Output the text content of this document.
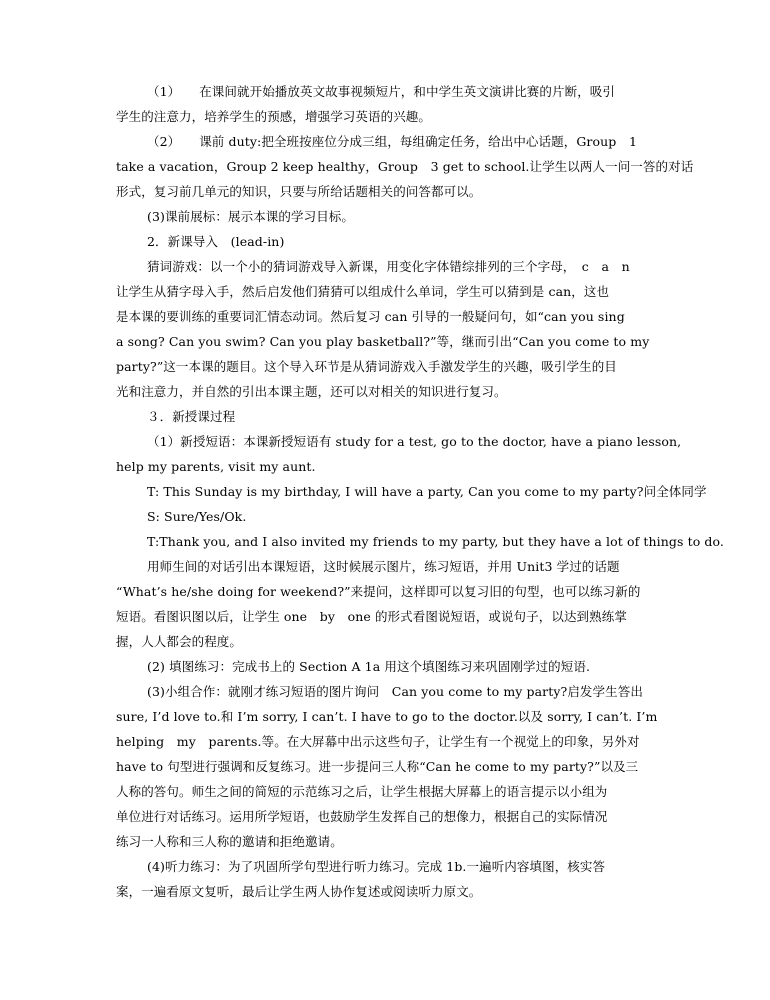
（1）　　在课间就开始播放英文故事视频短片，和中学生英文演讲比赛的片断，吸引
学生的注意力，培养学生的预感，增强学习英语的兴趣。
（2）　　课前 duty:把全班按座位分成三组，每组确定任务，给出中心话题，Group　1
take a vacation，Group 2 keep healthy，Group　3 get to school.让学生以两人一问一答的对话
形式，复习前几单元的知识，只要与所给话题相关的问答都可以。
(3)课前展标：展示本课的学习目标。
2．新课导入　(lead-in)
猜词游戏：以一个小的猜词游戏导入新课，用变化字体错综排列的三个字母，　c　a　n
让学生从猜字母入手，然后启发他们猜猜可以组成什么单词，学生可以猜到是 can，这也
是本课的要训练的重要词汇情态动词。然后复习 can 引导的一般疑问句，如“can you sing
a song? Can you swim? Can you play basketball?”等，继而引出“Can you come to my
party?”这一本课的题目。这个导入环节是从猜词游戏入手激发学生的兴趣，吸引学生的目
光和注意力，并自然的引出本课主题，还可以对相关的知识进行复习。
３．新授课过程
（1）新授短语：本课新授短语有 study for a test, go to the doctor, have a piano lesson,
help my parents, visit my aunt.
T: This Sunday is my birthday, I will have a party, Can you come to my party?问全体同学
S: Sure/Yes/Ok.
T:Thank you, and I also invited my friends to my party, but they have a lot of things to do.
用师生间的对话引出本课短语，这时候展示图片，练习短语，并用 Unit3 学过的话题
“What’s he/she doing for weekend?”来提问，这样即可以复习旧的句型，也可以练习新的
短语。看图识图以后，让学生 one　by　one 的形式看图说短语，或说句子，以达到熟练掌
握，人人都会的程度。
(2) 填图练习：完成书上的 Section A 1a 用这个填图练习来巩固刚学过的短语.
(3)小组合作：就刚才练习短语的图片询问　Can you come to my party?启发学生答出
sure, I’d love to.和 I’m sorry, I can’t. I have to go to the doctor.以及 sorry, I can’t. I’m
helping　my　parents.等。在大屏幕中出示这些句子，让学生有一个视觉上的印象，另外对
have to 句型进行强调和反复练习。进一步提问三人称“Can he come to my party?”以及三
人称的答句。师生之间的简短的示范练习之后，让学生根据大屏幕上的语言提示以小组为
单位进行对话练习。运用所学短语，也鼓励学生发挥自己的想像力，根据自己的实际情况
练习一人称和三人称的邀请和拒绝邀请。
(4)听力练习：为了巩固所学句型进行听力练习。完成 1b.一遍听内容填图，核实答
案，一遍看原文复听，最后让学生两人协作复述或阅读听力原文。
